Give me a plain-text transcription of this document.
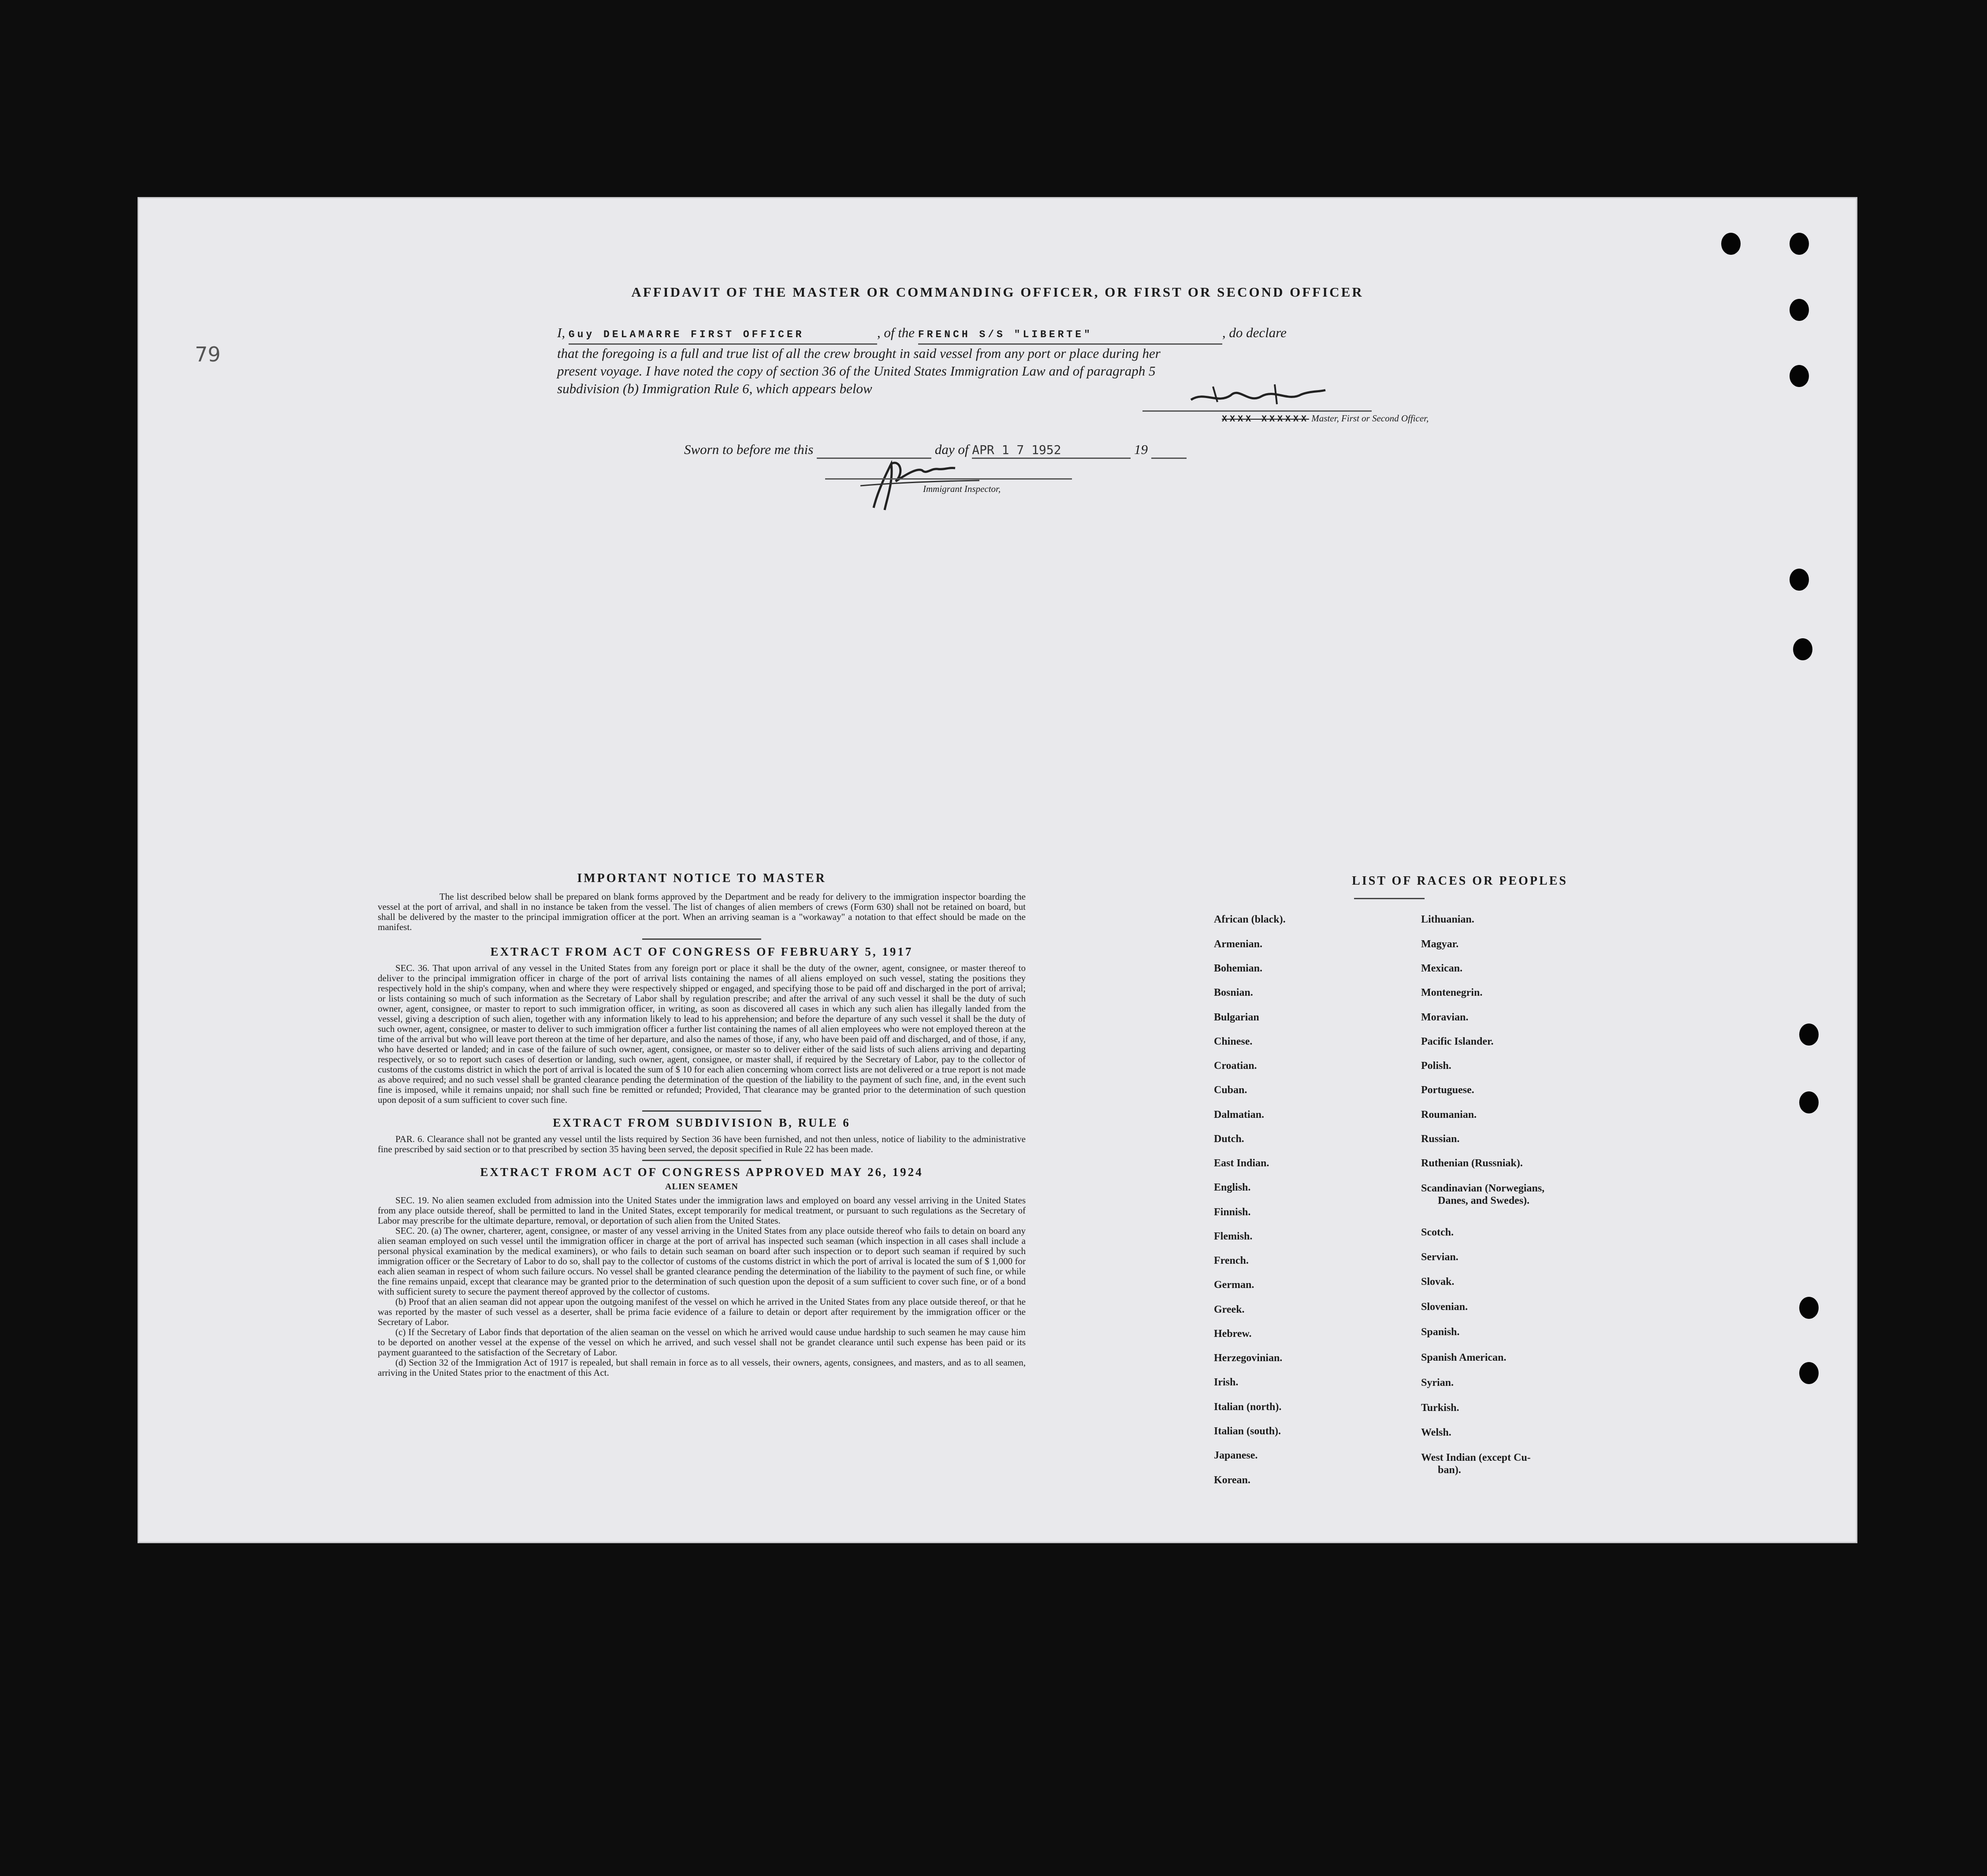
79
AFFIDAVIT OF THE MASTER OR COMMANDING OFFICER, OR FIRST OR SECOND OFFICER
I, Guy DELAMARRE FIRST OFFICER	, of the FRENCH S/S "LIBERTE"	, do declare
that the foregoing is a full and true list of all the crew brought in said vessel from any port or place during her
present voyage. I have noted the copy of section 36 of the United States Immigration Law and of paragraph 5
subdivision (b) Immigration Rule 6, which appears below
XXXX XXXXXX Master, First or Second Officer,
Sworn to before me this	day of APR 1 7 1952	19
Immigrant Inspector,
IMPORTANT NOTICE TO MASTER
The list described below shall be prepared on blank forms approved by the Department and be ready for delivery to the immigration inspector boarding the vessel at the port of arrival, and shall in no instance be taken from the vessel. The list of changes of alien members of crews (Form 630) shall not be retained on board, but shall be delivered by the master to the principal immigration officer at the port. When an arriving seaman is a "workaway" a notation to that effect should be made on the manifest.
EXTRACT FROM ACT OF CONGRESS OF FEBRUARY 5, 1917
SEC. 36. That upon arrival of any vessel in the United States from any foreign port or place it shall be the duty of the owner, agent, consignee, or master thereof to deliver to the principal immigration officer in charge of the port of arrival lists containing the names of all aliens employed on such vessel, stating the positions they respectively hold in the ship's company, when and where they were respectively shipped or engaged, and specifying those to be paid off and discharged in the port of arrival; or lists containing so much of such information as the Secretary of Labor shall by regulation prescribe; and after the arrival of any such vessel it shall be the duty of such owner, agent, consignee, or master to report to such immigration officer, in writing, as soon as discovered all cases in which any such alien has illegally landed from the vessel, giving a description of such alien, together with any information likely to lead to his apprehension; and before the departure of any such vessel it shall be the duty of such owner, agent, consignee, or master to deliver to such immigration officer a further list containing the names of all alien employees who were not employed thereon at the time of the arrival but who will leave port thereon at the time of her departure, and also the names of those, if any, who have been paid off and discharged, and of those, if any, who have deserted or landed; and in case of the failure of such owner, agent, consignee, or master so to deliver either of the said lists of such aliens arriving and departing respectively, or so to report such cases of desertion or landing, such owner, agent, consignee, or master shall, if required by the Secretary of Labor, pay to the collector of customs of the customs district in which the port of arrival is located the sum of $ 10 for each alien concerning whom correct lists are not delivered or a true report is not made as above required; and no such vessel shall be granted clearance pending the determination of the question of the liability to the payment of such fine, and, in the event such fine is imposed, while it remains unpaid; nor shall such fine be remitted or refunded; Provided, That clearance may be granted prior to the determination of such question upon deposit of a sum sufficient to cover such fine.
EXTRACT FROM SUBDIVISION B, RULE 6
PAR. 6. Clearance shall not be granted any vessel until the lists required by Section 36 have been furnished, and not then unless, notice of liability to the administrative fine prescribed by said section or to that prescribed by section 35 having been served, the deposit specified in Rule 22 has been made.
EXTRACT FROM ACT OF CONGRESS APPROVED MAY 26, 1924
ALIEN SEAMEN
SEC. 19. No alien seamen excluded from admission into the United States under the immigration laws and employed on board any vessel arriving in the United States from any place outside thereof, shall be permitted to land in the United States, except temporarily for medical treatment, or pursuant to such regulations as the Secretary of Labor may prescribe for the ultimate departure, removal, or deportation of such alien from the United States.
SEC. 20. (a) The owner, charterer, agent, consignee, or master of any vessel arriving in the United States from any place outside thereof who fails to detain on board any alien seaman employed on such vessel until the immigration officer in charge at the port of arrival has inspected such seaman (which inspection in all cases shall include a personal physical examination by the medical examiners), or who fails to detain such seaman on board after such inspection or to deport such seaman if required by such immigration officer or the Secretary of Labor to do so, shall pay to the collector of customs of the customs district in which the port of arrival is located the sum of $ 1,000 for each alien seaman in respect of whom such failure occurs. No vessel shall be granted clearance pending the determination of the liability to the payment of such fine, or while the fine remains unpaid, except that clearance may be granted prior to the determination of such question upon the deposit of a sum sufficient to cover such fine, or of a bond with sufficient surety to secure the payment thereof approved by the collector of customs.
(b) Proof that an alien seaman did not appear upon the outgoing manifest of the vessel on which he arrived in the United States from any place outside thereof, or that he was reported by the master of such vessel as a deserter, shall be prima facie evidence of a failure to detain or deport after requirement by the immigration officer or the Secretary of Labor.
(c) If the Secretary of Labor finds that deportation of the alien seaman on the vessel on which he arrived would cause undue hardship to such seamen he may cause him to be deported on another vessel at the expense of the vessel on which he arrived, and such vessel shall not be grandet clearance until such expense has been paid or its payment guaranteed to the satisfaction of the Secretary of Labor.
(d) Section 32 of the Immigration Act of 1917 is repealed, but shall remain in force as to all vessels, their owners, agents, consignees, and masters, and as to all seamen, arriving in the United States prior to the enactment of this Act.
LIST OF RACES OR PEOPLES
African (black).
Armenian.
Bohemian.
Bosnian.
Bulgarian
Chinese.
Croatian.
Cuban.
Dalmatian.
Dutch.
East Indian.
English.
Finnish.
Flemish.
French.
German.
Greek.
Hebrew.
Herzegovinian.
Irish.
Italian (north).
Italian (south).
Japanese.
Korean.
Lithuanian.
Magyar.
Mexican.
Montenegrin.
Moravian.
Pacific Islander.
Polish.
Portuguese.
Roumanian.
Russian.
Ruthenian (Russniak).
Scandinavian (Norwegians,
Danes, and Swedes).
Scotch.
Servian.
Slovak.
Slovenian.
Spanish.
Spanish American.
Syrian.
Turkish.
Welsh.
West Indian (except Cu-
ban).
